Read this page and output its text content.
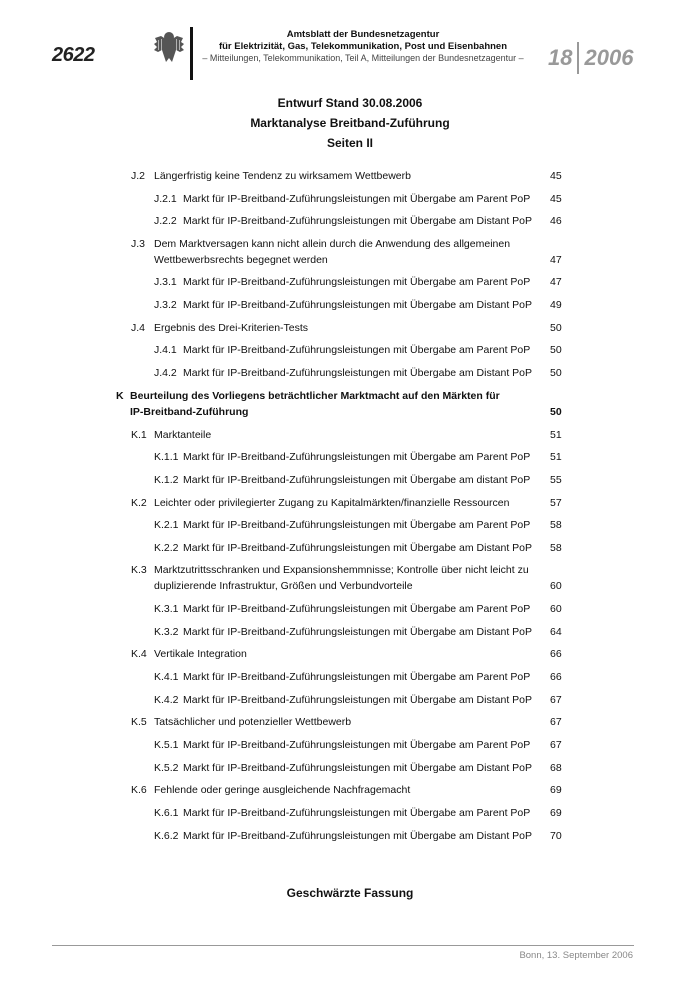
2622
Amtsblatt der Bundesnetzagentur
für Elektrizität, Gas, Telekommunikation, Post und Eisenbahnen
– Mitteilungen, Telekommunikation, Teil A, Mitteilungen der Bundesnetzagentur – 18 2006
Entwurf Stand 30.08.2006
Marktanalyse Breitband-Zuführung
Seiten II
J.2 Längerfristig keine Tendenz zu wirksamem Wettbewerb	45
J.2.1 Markt für IP-Breitband-Zuführungsleistungen mit Übergabe am Parent PoP 45
J.2.2 Markt für IP-Breitband-Zuführungsleistungen mit Übergabe am Distant PoP 46
J.3 Dem Marktversagen kann nicht allein durch die Anwendung des allgemeinen
Wettbewerbsrechts begegnet werden	47
J.3.1 Markt für IP-Breitband-Zuführungsleistungen mit Übergabe am Parent PoP 47
J.3.2 Markt für IP-Breitband-Zuführungsleistungen mit Übergabe am Distant PoP 49
J.4 Ergebnis des Drei-Kriterien-Tests	50
J.4.1 Markt für IP-Breitband-Zuführungsleistungen mit Übergabe am Parent PoP 50
J.4.2 Markt für IP-Breitband-Zuführungsleistungen mit Übergabe am Distant PoP 50
K Beurteilung des Vorliegens beträchtlicher Marktmacht auf den Märkten für
IP-Breitband-Zuführung	50
K.1 Marktanteile	51
K.1.1 Markt für IP-Breitband-Zuführungsleistungen mit Übergabe am Parent PoP 51
K.1.2 Markt für IP-Breitband-Zuführungsleistungen mit Übergabe am distant PoP 55
K.2 Leichter oder privilegierter Zugang zu Kapitalmärkten/finanzielle Ressourcen	57
K.2.1 Markt für IP-Breitband-Zuführungsleistungen mit Übergabe am Parent PoP 58
K.2.2 Markt für IP-Breitband-Zuführungsleistungen mit Übergabe am Distant PoP 58
K.3 Marktzutrittsschranken und Expansionshemmnisse; Kontrolle über nicht leicht zu
duplizierende Infrastruktur, Größen und Verbundvorteile	60
K.3.1 Markt für IP-Breitband-Zuführungsleistungen mit Übergabe am Parent PoP 60
K.3.2 Markt für IP-Breitband-Zuführungsleistungen mit Übergabe am Distant PoP 64
K.4 Vertikale Integration	66
K.4.1 Markt für IP-Breitband-Zuführungsleistungen mit Übergabe am Parent PoP 66
K.4.2 Markt für IP-Breitband-Zuführungsleistungen mit Übergabe am Distant PoP 67
K.5 Tatsächlicher und potenzieller Wettbewerb	67
K.5.1 Markt für IP-Breitband-Zuführungsleistungen mit Übergabe am Parent PoP 67
K.5.2 Markt für IP-Breitband-Zuführungsleistungen mit Übergabe am Distant PoP 68
K.6 Fehlende oder geringe ausgleichende Nachfragemacht	69
K.6.1 Markt für IP-Breitband-Zuführungsleistungen mit Übergabe am Parent PoP 69
K.6.2 Markt für IP-Breitband-Zuführungsleistungen mit Übergabe am Distant PoP 70
Geschwärzte Fassung
Bonn, 13. September 2006
